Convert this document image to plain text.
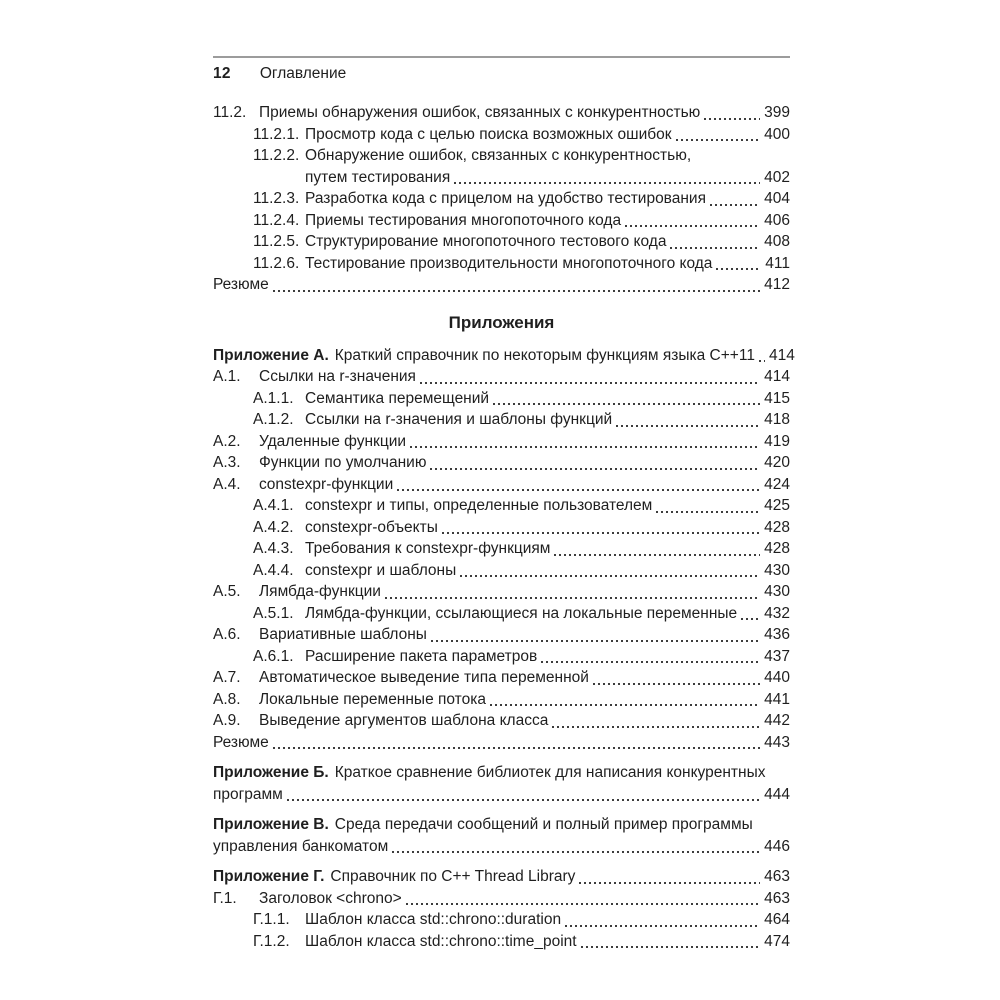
12 Оглавление
11.2. Приемы обнаружения ошибок, связанных с конкурентностью	399
11.2.1. Просмотр кода с целью поиска возможных ошибок	400
11.2.2. Обнаружение ошибок, связанных с конкурентностью,
путем тестирования	402
11.2.3. Разработка кода с прицелом на удобство тестирования	404
11.2.4. Приемы тестирования многопоточного кода	406
11.2.5. Структурирование многопоточного тестового кода	408
11.2.6. Тестирование производительности многопоточного кода	411
Резюме	412
Приложения
Приложение А. Краткий справочник по некоторым функциям языка C++11 414
А.1.	Ссылки на r-значения	414
А.1.1. Семантика перемещений	415
А.1.2. Ссылки на r-значения и шаблоны функций	418
А.2.	Удаленные функции	419
А.3.	Функции по умолчанию	420
А.4.	constexpr-функции	424
А.4.1. constexpr и типы, определенные пользователем	425
А.4.2. constexpr-объекты	428
А.4.3. Требования к constexpr-функциям	428
А.4.4. constexpr и шаблоны	430
А.5.	Лямбда-функции	430
А.5.1. Лямбда-функции, ссылающиеся на локальные переменные 432
А.6.	Вариативные шаблоны	436
А.6.1. Расширение пакета параметров	437
А.7.	Автоматическое выведение типа переменной	440
А.8.	Локальные переменные потока	441
А.9.	Выведение аргументов шаблона класса	442
Резюме	443
Приложение Б. Краткое сравнение библиотек для написания конкурентных
программ	444
Приложение В. Среда передачи сообщений и полный пример программы
управления банкоматом	446
Приложение Г. Справочник по C++ Thread Library	463
Г.1.	Заголовок <chrono>	463
Г.1.1. Шаблон класса std::chrono::duration	464
Г.1.2. Шаблон класса std::chrono::time_point	474
